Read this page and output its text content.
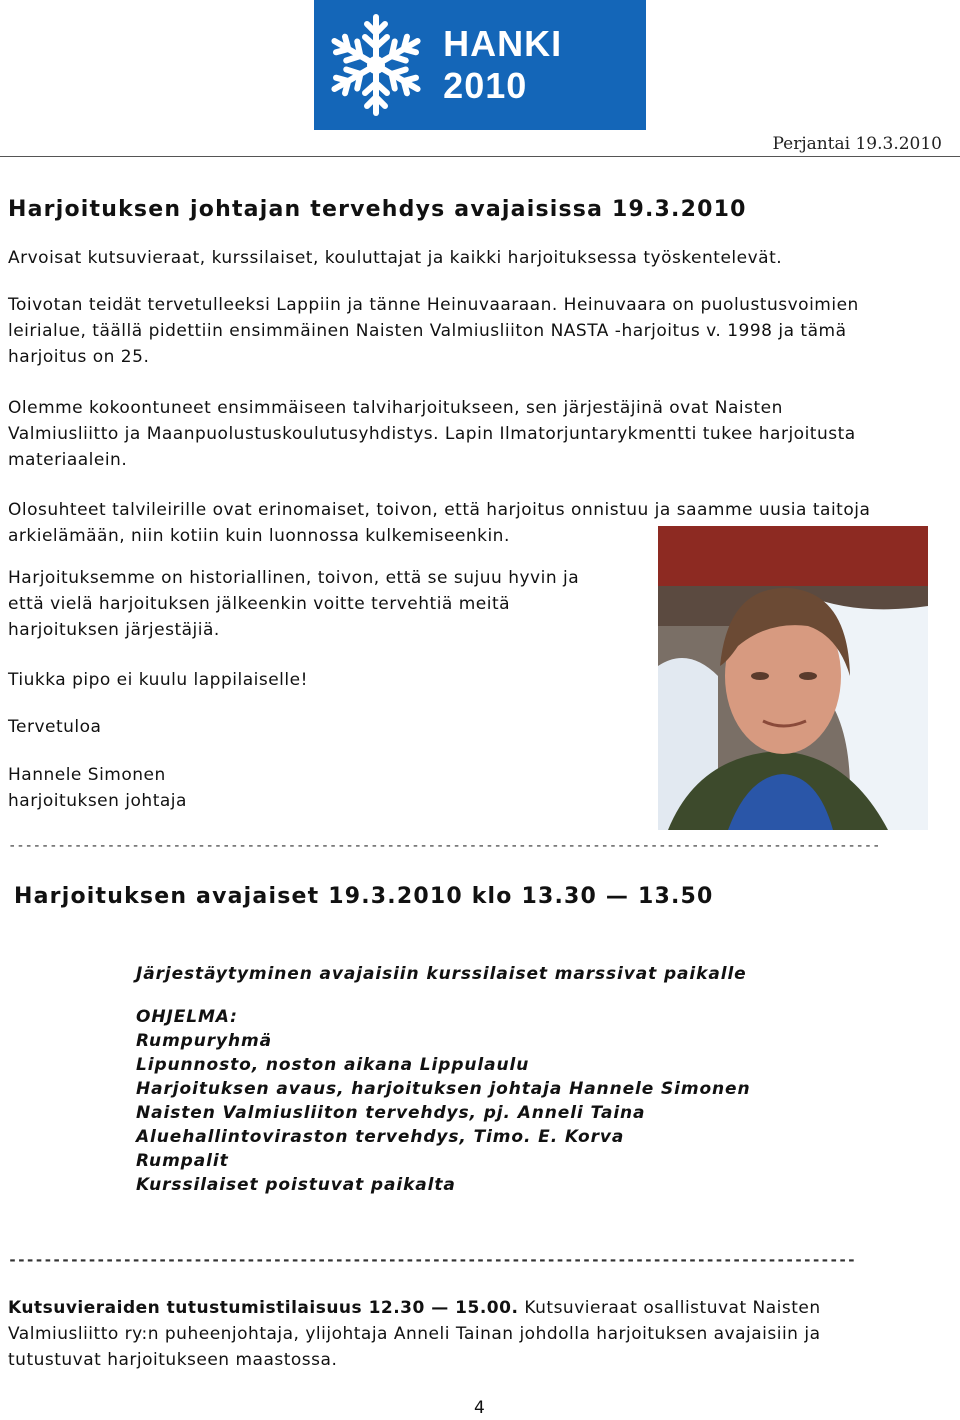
HANKI 2010
Perjantai 19.3.2010
Harjoituksen johtajan tervehdys avajaisissa 19.3.2010

Arvoisat kutsuvieraat, kurssilaiset, kouluttajat ja kaikki harjoituksessa työskentelevät.

Toivotan teidät tervetulleeksi Lappiin ja tänne Heinuvaaraan. Heinuvaara on puolustusvoimien
leirialue, täällä pidettiin ensimmäinen Naisten Valmiusliiton NASTA -harjoitus v. 1998 ja tämä
harjoitus on 25.
Olemme kokoontuneet ensimmäiseen talviharjoitukseen, sen järjestäjinä ovat Naisten
Valmiusliitto ja Maanpuolustuskoulutusyhdistys. Lapin Ilmatorjuntarykmentti tukee harjoitusta
materiaalein.
Olosuhteet talvileirille ovat erinomaiset, toivon, että harjoitus onnistuu ja saamme uusia taitoja
arkielämään, niin kotiin kuin luonnossa kulkemiseenkin.
Harjoituksemme on historiallinen, toivon, että se sujuu hyvin ja
että vielä harjoituksen jälkeenkin voitte tervehtiä meitä
harjoituksen järjestäjiä.

Tiukka pipo ei kuulu lappilaiselle!

Tervetuloa

Hannele Simonen
harjoituksen johtaja
----------------------------------------------------------------------------------------------------------
Harjoituksen avajaiset 19.3.2010 klo 13.30 — 13.50

Järjestäytyminen avajaisiin kurssilaiset marssivat paikalle

OHJELMA:
Rumpuryhmä
Lipunnosto, noston aikana Lippulaulu
Harjoituksen avaus, harjoituksen johtaja Hannele Simonen
Naisten Valmiusliiton tervehdys, pj. Anneli Taina
Aluehallintoviraston tervehdys, Timo. E. Korva
Rumpalit
Kurssilaiset poistuvat paikalta
------------------------------------------------------------------------------------------------
Kutsuvieraiden tutustumistilaisuus 12.30 — 15.00. Kutsuvieraat osallistuvat Naisten
Valmiusliitto ry:n puheenjohtaja, ylijohtaja Anneli Tainan johdolla harjoituksen avajaisiin ja
tutustuvat harjoitukseen maastossa.
4
